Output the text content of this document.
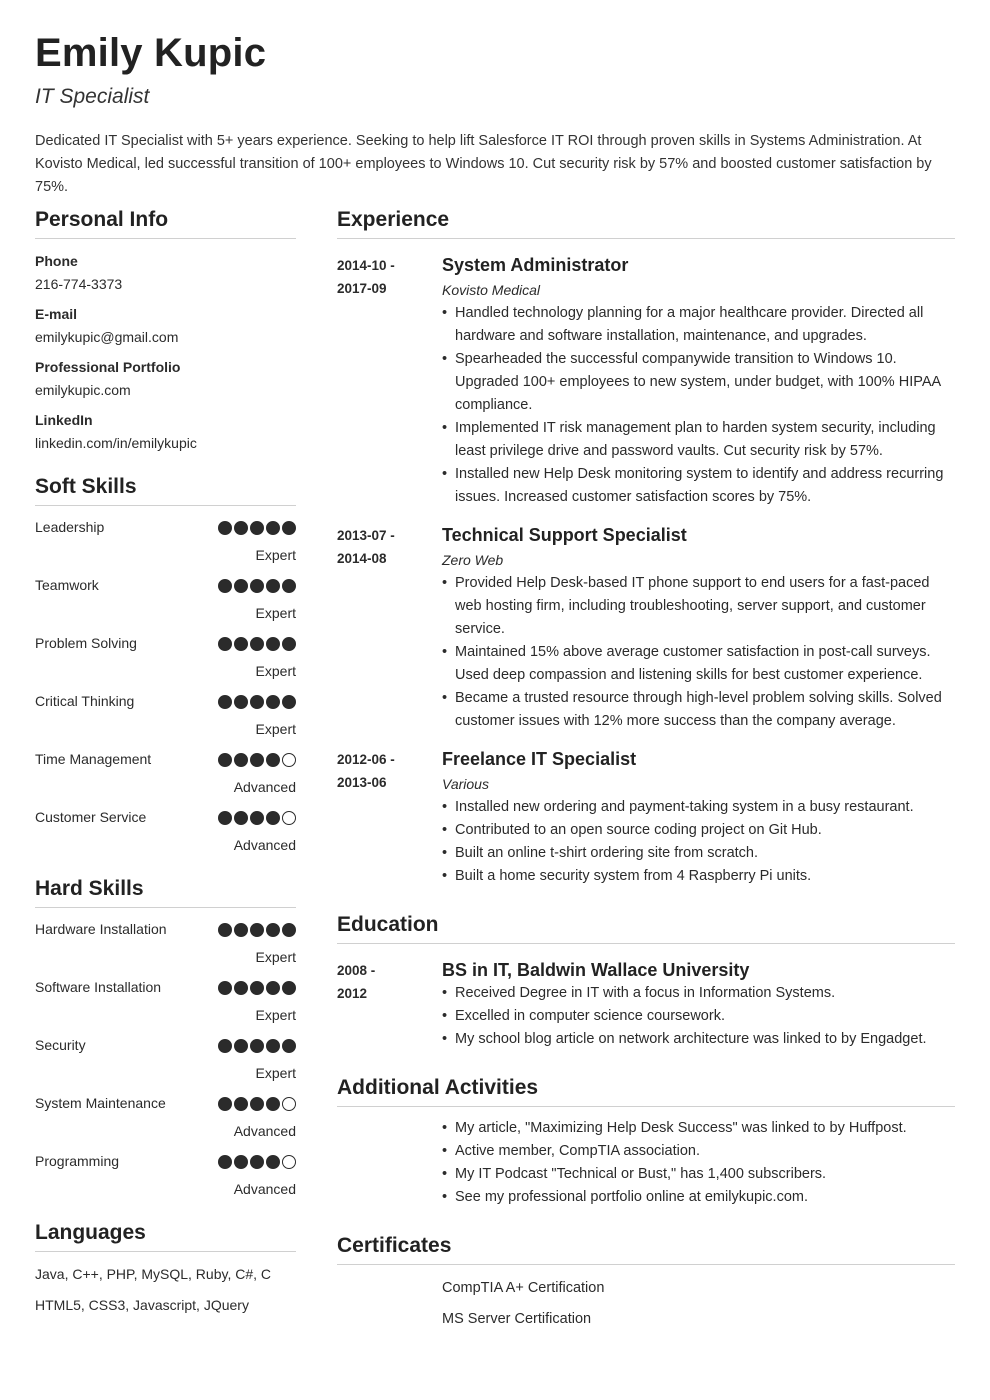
Emily Kupic
IT Specialist
Dedicated IT Specialist with 5+ years experience. Seeking to help lift Salesforce IT ROI through proven skills in Systems Administration. At Kovisto Medical, led successful transition of 100+ employees to Windows 10. Cut security risk by 57% and boosted customer satisfaction by 75%.
Personal Info
Phone
216-774-3373
E-mail
emilykupic@gmail.com
Professional Portfolio
emilykupic.com
LinkedIn
linkedin.com/in/emilykupic
Soft Skills
Leadership
Expert
Teamwork
Expert
Problem Solving
Expert
Critical Thinking
Expert
Time Management
Advanced
Customer Service
Advanced
Hard Skills
Hardware Installation
Expert
Software Installation
Expert
Security
Expert
System Maintenance
Advanced
Programming
Advanced
Languages
Java, C++, PHP, MySQL, Ruby, C#, C
HTML5, CSS3, Javascript, JQuery
Experience
2014-10 -
2017-09
System Administrator
Kovisto Medical
• Handled technology planning for a major healthcare provider. Directed all hardware and software installation, maintenance, and upgrades.
• Spearheaded the successful companywide transition to Windows 10. Upgraded 100+ employees to new system, under budget, with 100% HIPAA compliance.
• Implemented IT risk management plan to harden system security, including least privilege drive and password vaults. Cut security risk by 57%.
• Installed new Help Desk monitoring system to identify and address recurring issues. Increased customer satisfaction scores by 75%.
2013-07 -
2014-08
Technical Support Specialist
Zero Web
• Provided Help Desk-based IT phone support to end users for a fast-paced web hosting firm, including troubleshooting, server support, and customer service.
• Maintained 15% above average customer satisfaction in post-call surveys. Used deep compassion and listening skills for best customer experience.
• Became a trusted resource through high-level problem solving skills. Solved customer issues with 12% more success than the company average.
2012-06 -
2013-06
Freelance IT Specialist
Various
• Installed new ordering and payment-taking system in a busy restaurant.
• Contributed to an open source coding project on Git Hub.
• Built an online t-shirt ordering site from scratch.
• Built a home security system from 4 Raspberry Pi units.
Education
2008 -
2012
BS in IT, Baldwin Wallace University
• Received Degree in IT with a focus in Information Systems.
• Excelled in computer science coursework.
• My school blog article on network architecture was linked to by Engadget.
Additional Activities
• My article, "Maximizing Help Desk Success" was linked to by Huffpost.
• Active member, CompTIA association.
• My IT Podcast "Technical or Bust," has 1,400 subscribers.
• See my professional portfolio online at emilykupic.com.
Certificates
CompTIA A+ Certification
MS Server Certification
